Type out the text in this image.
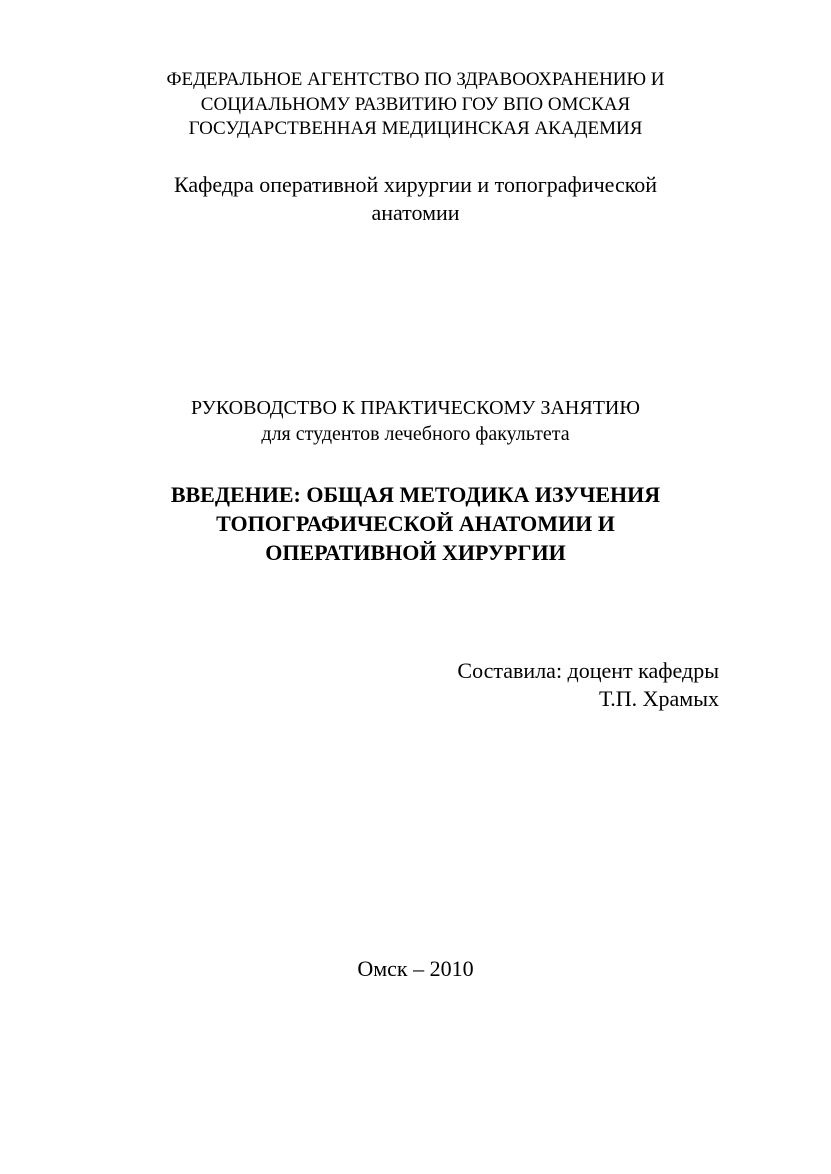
ФЕДЕРАЛЬНОЕ АГЕНТСТВО ПО ЗДРАВООХРАНЕНИЮ И

СОЦИАЛЬНОМУ РАЗВИТИЮ ГОУ ВПО ОМСКАЯ

ГОСУДАРСТВЕННАЯ МЕДИЦИНСКАЯ АКАДЕМИЯ

Кафедра оперативной хирургии и топографической

анатомии

РУКОВОДСТВО К ПРАКТИЧЕСКОМУ ЗАНЯТИЮ

для студентов лечебного факультета

ВВЕДЕНИЕ: ОБЩАЯ МЕТОДИКА ИЗУЧЕНИЯ

ТОПОГРАФИЧЕСКОЙ АНАТОМИИ И

ОПЕРАТИВНОЙ ХИРУРГИИ

Составила: доцент кафедры

Т.П. Храмых

Омск – 2010
